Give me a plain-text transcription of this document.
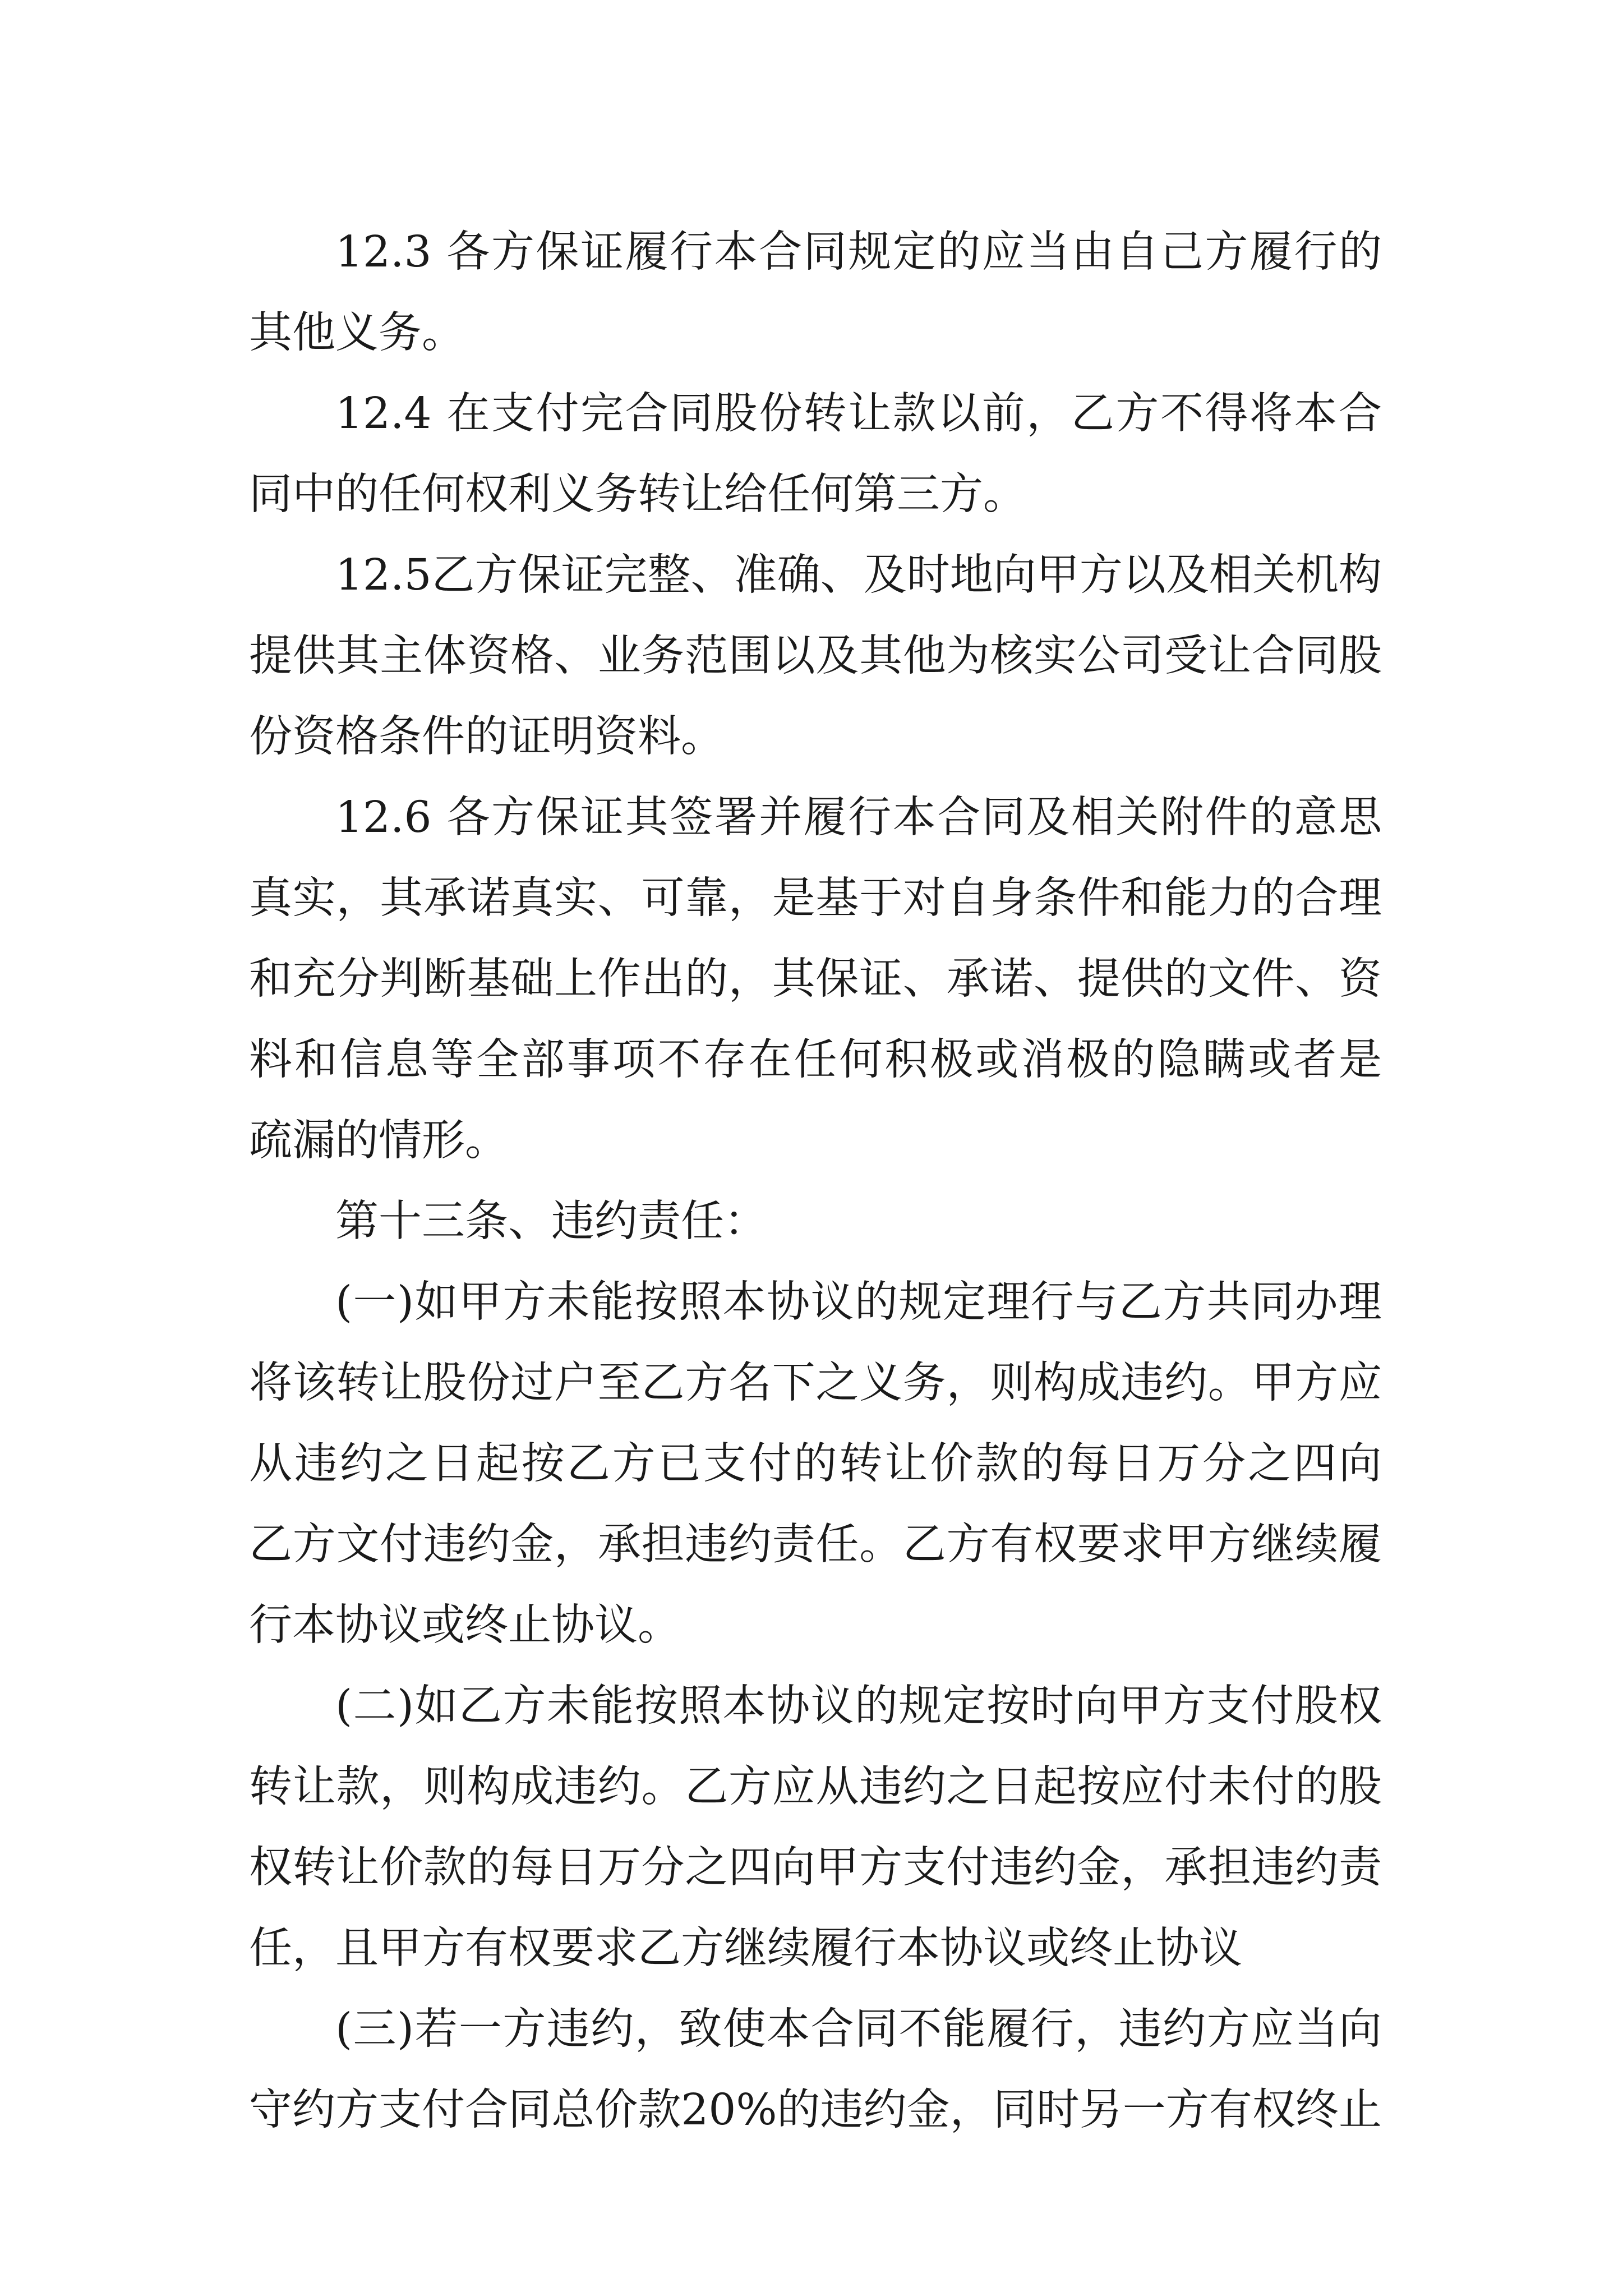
12.3 各方保证履行本合同规定的应当由自己方履行的
其他义务。
12.4 在支付完合同股份转让款以前，乙方不得将本合
同中的任何权利义务转让给任何第三方。
12.5乙方保证完整、准确、及时地向甲方以及相关机构
提供其主体资格、业务范围以及其他为核实公司受让合同股
份资格条件的证明资料。
12.6 各方保证其签署并履行本合同及相关附件的意思
真实，其承诺真实、可靠，是基于对自身条件和能力的合理
和充分判断基础上作出的，其保证、承诺、提供的文件、资
料和信息等全部事项不存在任何积极或消极的隐瞒或者是
疏漏的情形。
第十三条、违约责任：
(一)如甲方未能按照本协议的规定理行与乙方共同办理
将该转让股份过户至乙方名下之义务，则构成违约。甲方应
从违约之日起按乙方已支付的转让价款的每日万分之四向
乙方文付违约金，承担违约责任。乙方有权要求甲方继续履
行本协议或终止协议。
(二)如乙方未能按照本协议的规定按时向甲方支付股权
转让款，则构成违约。乙方应从违约之日起按应付未付的股
权转让价款的每日万分之四向甲方支付违约金，承担违约责
任，且甲方有权要求乙方继续履行本协议或终止协议
(三)若一方违约，致使本合同不能履行，违约方应当向
守约方支付合同总价款20%的违约金，同时另一方有权终止
